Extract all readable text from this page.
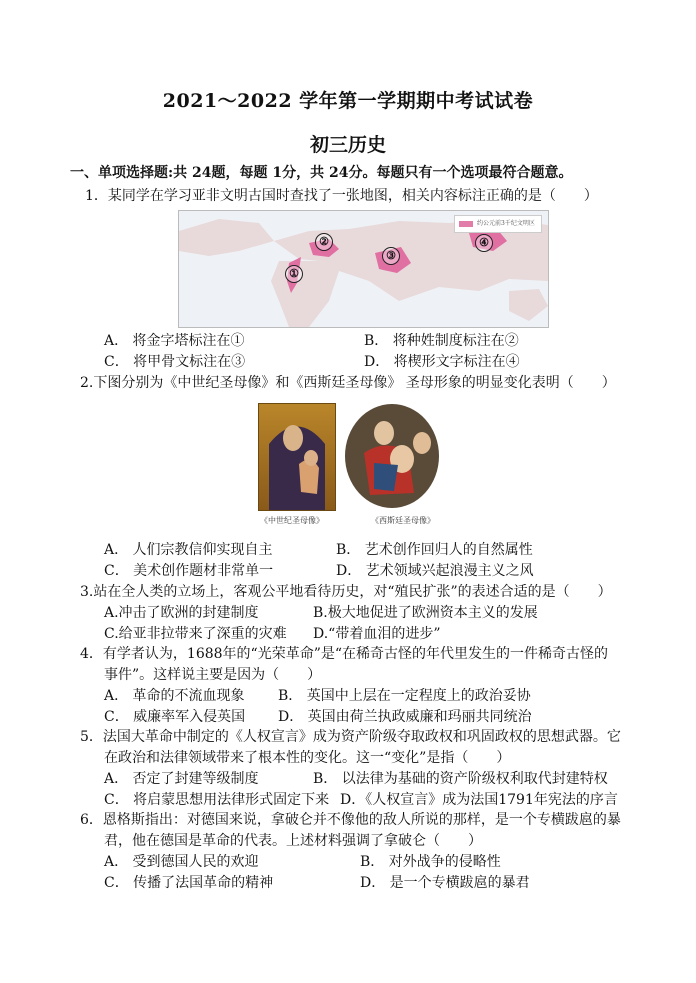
2021～2022 学年第一学期期中考试试卷
初三历史
一、单项选择题:共 24题，每题 1分，共 24分。每题只有一个选项最符合题意。
1．某同学在学习亚非文明古国时查找了一张地图，相关内容标注正确的是（　　）
约公元前3千纪文明区
①
②
③
④
A． 将金字塔标注在①	B． 将种姓制度标注在②
C． 将甲骨文标注在③	D． 将楔形文字标注在④
2.下图分别为《中世纪圣母像》和《西斯廷圣母像》 圣母形象的明显变化表明（　　）
《中世纪圣母像》	《西斯廷圣母像》
A． 人们宗教信仰实现自主	B． 艺术创作回归人的自然属性
C． 美术创作题材非常单一	D． 艺术领域兴起浪漫主义之风
3.站在全人类的立场上，客观公平地看待历史，对“殖民扩张”的表述合适的是（　　）
A.冲击了欧洲的封建制度	B.极大地促进了欧洲资本主义的发展
C.给亚非拉带来了深重的灾难 D.“带着血泪的进步”
4．有学者认为，1688年的“光荣革命”是“在稀奇古怪的年代里发生的一件稀奇古怪的
事件”。这样说主要是因为（　　）
A． 革命的不流血现象 B． 英国中上层在一定程度上的政治妥协
C． 威廉率军入侵英国 D． 英国由荷兰执政威廉和玛丽共同统治
5．法国大革命中制定的《人权宣言》成为资产阶级夺取政权和巩固政权的思想武器。它
在政治和法律领域带来了根本性的变化。这一“变化”是指（　　）
A． 否定了封建等级制度	B． 以法律为基础的资产阶级权利取代封建特权
C． 将启蒙思想用法律形式固定下来 D．《人权宣言》成为法国1791年宪法的序言
6．恩格斯指出：对德国来说，拿破仑并不像他的敌人所说的那样，是一个专横跋扈的暴
君，他在德国是革命的代表。上述材料强调了拿破仑（　　）
A． 受到德国人民的欢迎	B． 对外战争的侵略性
C． 传播了法国革命的精神	D． 是一个专横跋扈的暴君
